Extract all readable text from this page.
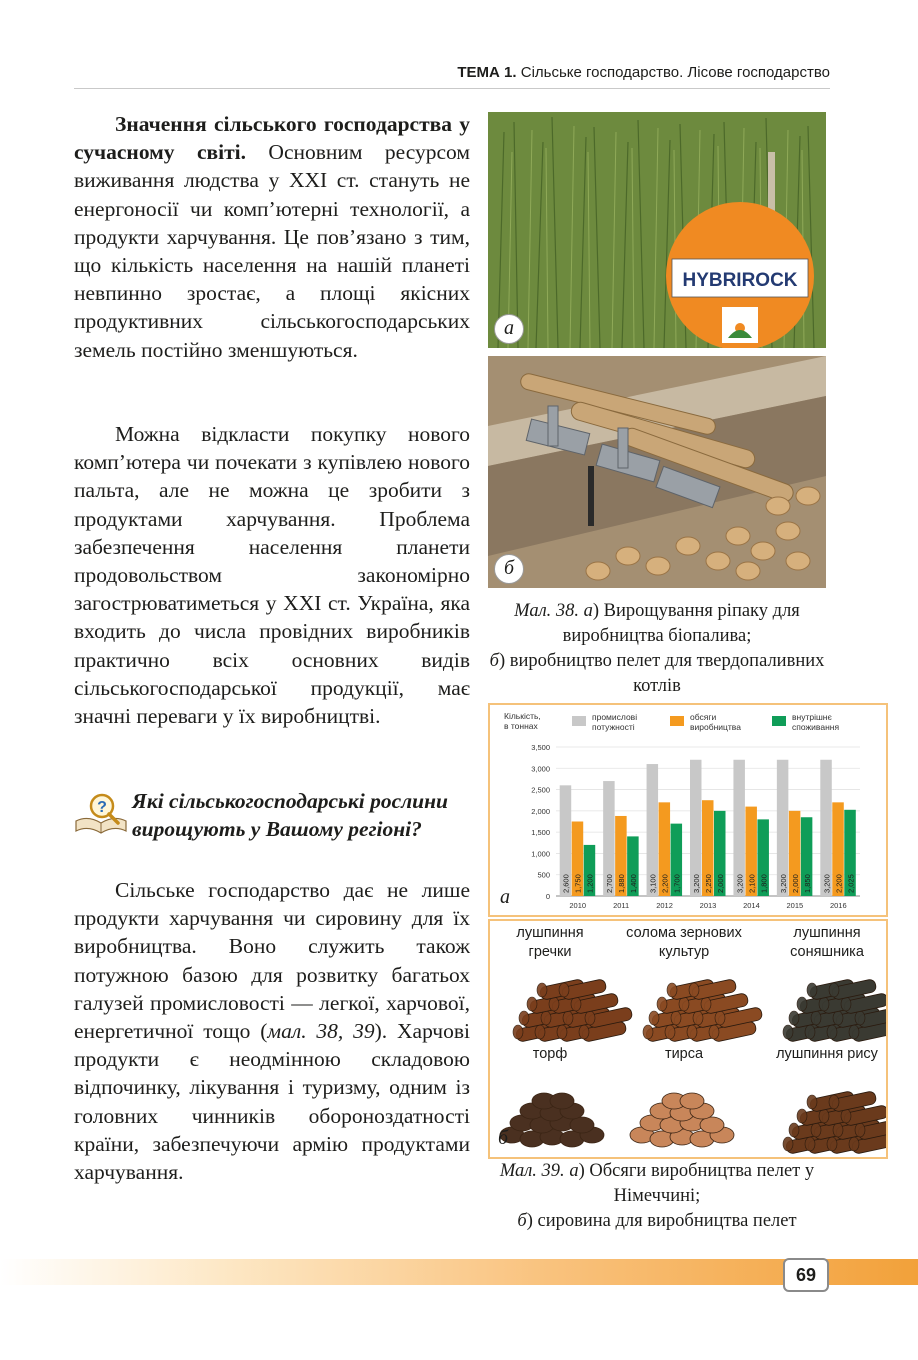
ТЕМА 1. Сільське господарство. Лісове господарство

Значення сільського господарства у сучасному світі. Основним ресурсом виживання людства у XXI ст. стануть не енергоносії чи комп’ютерні технології, а продукти харчування. Це пов’язано з тим, що кількість населення на нашій планеті невпинно зростає, а площі якісних продуктивних сільськогосподарських земель постійно зменшуються.

Можна відкласти покупку нового комп’ютера чи почекати з купівлею нового пальта, але не можна це зробити з продуктами харчування. Проблема забезпечення населення планети продовольством закономірно загострюватиметься у XXI ст. Україна, яка входить до числа провідних виробників практично всіх основних видів сільськогосподарської продукції, має значні переваги у їх виробництві.

? Які сільськогосподарські рослини вирощують у Вашому регіоні?

Сільське господарство дає не лише продукти харчування чи сировину для їх виробництва. Воно служить також потужною базою для розвитку багатьох галузей промисловості — легкої, харчової, енергетичної тощо (мал. 38, 39). Харчові продукти є неодмінною складовою відпочинку, лікування і туризму, одним із головних чинників обороноздатності країни, забезпечуючи армію продуктами харчування.

HYBRIROCK
а
б
Мал. 38. а) Вирощування ріпаку для виробництва біопалива;
б) виробництво пелет для твердопаливних котлів
Кількість, в тоннах
промислові потужності
обсяги виробництва
внутрішнє споживання
0
500
1,000
1,500
2,000
2,500
3,000
3,500
2,600 1,750 1,200
2010
2,700 1,880 1,400
2011
3,100 2,200 1,700
2012
3,200 2,250 2,000
2013
3,200 2,100 1,800
2014
3,200 2,000 1,850
2015
3,200 2,200 2,025
2016
а
лушпиння гречки
солома зернових культур
лушпиння соняшника
торф	тирса	лушпиння рису
б
Мал. 39. а) Обсяги виробництва пелет у Німеччині;
б) сировина для виробництва пелет
69
